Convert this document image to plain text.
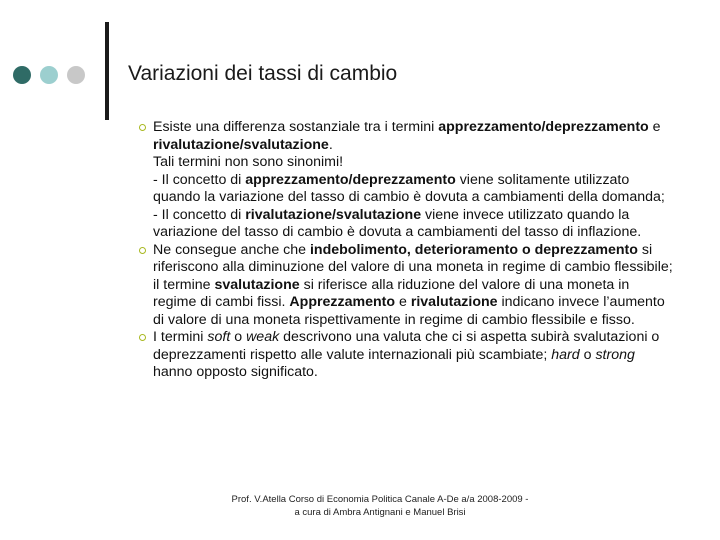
Variazioni dei tassi di cambio
Esiste una differenza sostanziale tra i termini apprezzamento/deprezzamento e rivalutazione/svalutazione.
Tali termini non sono sinonimi!
- Il concetto di apprezzamento/deprezzamento viene solitamente utilizzato quando la variazione del tasso di cambio è dovuta a cambiamenti della domanda;
- Il concetto di rivalutazione/svalutazione viene invece utilizzato quando la variazione del tasso di cambio è dovuta a cambiamenti del tasso di inflazione.
Ne consegue anche che indebolimento, deterioramento o deprezzamento si riferiscono alla diminuzione del valore di una moneta in regime di cambio flessibile; il termine svalutazione si riferisce alla riduzione del valore di una moneta in regime di cambi fissi. Apprezzamento e rivalutazione indicano invece l’aumento di valore di una moneta rispettivamente in regime di cambio flessibile e fisso.
I termini soft o weak descrivono una valuta che ci si aspetta subirà svalutazioni o deprezzamenti rispetto alle valute internazionali più scambiate; hard o strong hanno opposto significato.
Prof. V.Atella Corso di Economia Politica Canale A-De a/a 2008-2009 -
a cura di Ambra Antignani e Manuel Brisi
